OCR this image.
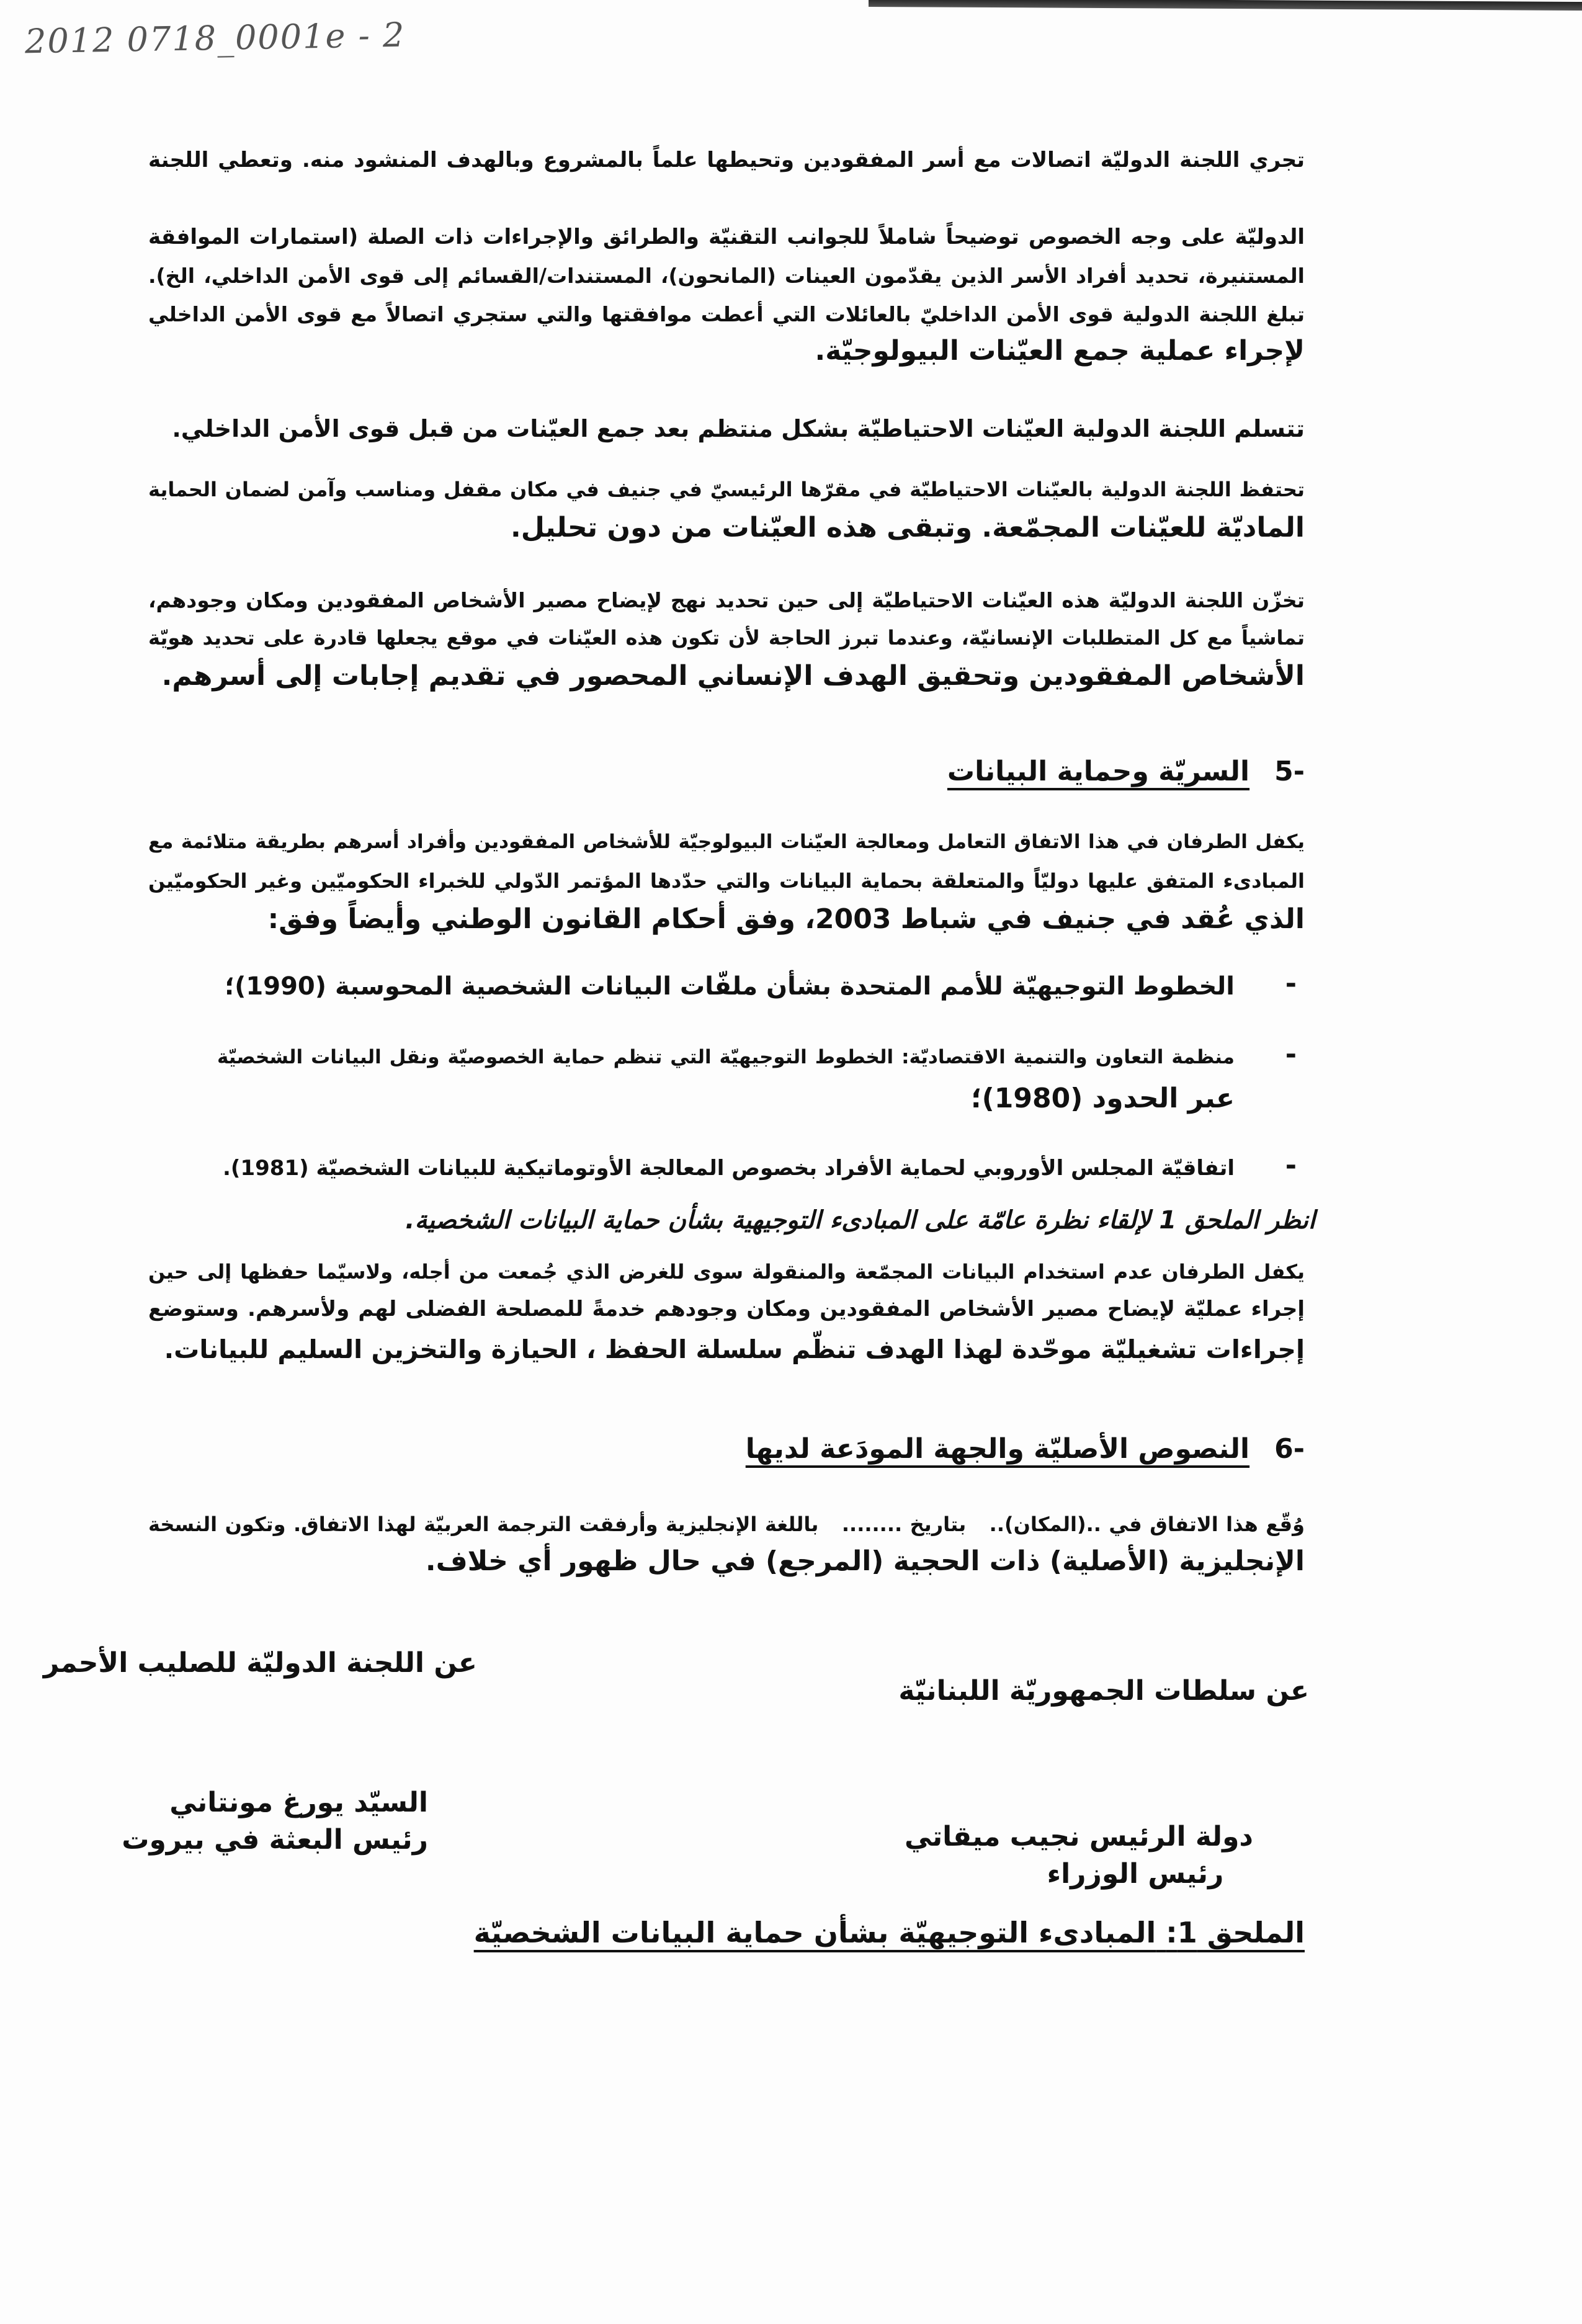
2012 0718_0001e - 2
تجري اللجنة الدوليّة اتصالات مع أسر المفقودين وتحيطها علماً بالمشروع وبالهدف المنشود منه. وتعطي اللجنة
الدوليّة على وجه الخصوص توضيحاً شاملاً للجوانب التقنيّة والطرائق والإجراءات ذات الصلة (استمارات الموافقة
المستنيرة، تحديد أفراد الأسر الذين يقدّمون العينات (المانحون)، المستندات/القسائم إلى قوى الأمن الداخلي، الخ).
تبلغ اللجنة الدولية قوى الأمن الداخليّ بالعائلات التي أعطت موافقتها والتي ستجري اتصالاً مع قوى الأمن الداخلي
لإجراء عملية جمع العيّنات البيولوجيّة.
تتسلم اللجنة الدولية العيّنات الاحتياطيّة بشكل منتظم بعد جمع العيّنات من قبل قوى الأمن الداخلي.
تحتفظ اللجنة الدولية بالعيّنات الاحتياطيّة في مقرّها الرئيسيّ في جنيف في مكان مقفل ومناسب وآمن لضمان الحماية
الماديّة للعيّنات المجمّعة. وتبقى هذه العيّنات من دون تحليل.
تخزّن اللجنة الدوليّة هذه العيّنات الاحتياطيّة إلى حين تحديد نهج لإيضاح مصير الأشخاص المفقودين ومكان وجودهم،
تماشياً مع كل المتطلبات الإنسانيّة، وعندما تبرز الحاجة لأن تكون هذه العيّنات في موقع يجعلها قادرة على تحديد هويّة
الأشخاص المفقودين وتحقيق الهدف الإنساني المحصور في تقديم إجابات إلى أسرهم.
-5السريّة وحماية البيانات
يكفل الطرفان في هذا الاتفاق التعامل ومعالجة العيّنات البيولوجيّة للأشخاص المفقودين وأفراد أسرهم بطريقة متلائمة مع
المبادىء المتفق عليها دوليّاً والمتعلقة بحماية البيانات والتي حدّدها المؤتمر الدّولي للخبراء الحكوميّين وغير الحكوميّين
الذي عُقد في جنيف في شباط 2003، وفق أحكام القانون الوطني وأيضاً وفق:
-
الخطوط التوجيهيّة للأمم المتحدة بشأن ملفّات البيانات الشخصية المحوسبة (1990)؛
-
منظمة التعاون والتنمية الاقتصاديّة: الخطوط التوجيهيّة التي تنظم حماية الخصوصيّة ونقل البيانات الشخصيّة
عبر الحدود (1980)؛
-
اتفاقيّة المجلس الأوروبي لحماية الأفراد بخصوص المعالجة الأوتوماتيكية للبيانات الشخصيّة (1981).
انظر الملحق 1 لإلقاء نظرة عامّة على المبادىء التوجيهية بشأن حماية البيانات الشخصية.
يكفل الطرفان عدم استخدام البيانات المجمّعة والمنقولة سوى للغرض الذي جُمعت من أجله، ولاسيّما حفظها إلى حين
إجراء عمليّة لإيضاح مصير الأشخاص المفقودين ومكان وجودهم خدمةً للمصلحة الفضلى لهم ولأسرهم. وستوضع
إجراءات تشغيليّة موحّدة لهذا الهدف تنظّم سلسلة الحفظ ، الحيازة والتخزين السليم للبيانات.
-6النصوص الأصليّة والجهة المودَعة لديها
وُقّع هذا الاتفاق في ..(المكان)..   بتاريخ ........   باللغة الإنجليزية وأرفقت الترجمة العربيّة لهذا الاتفاق. وتكون النسخة
الإنجليزية (الأصلية) ذات الحجية (المرجع) في حال ظهور أي خلاف.
عن اللجنة الدوليّة للصليب الأحمر
السيّد يورغ مونتاني
رئيس البعثة في بيروت
عن سلطات الجمهوريّة اللبنانيّة
دولة الرئيس نجيب ميقاتي
رئيس الوزراء
الملحق 1: المبادىء التوجيهيّة بشأن حماية البيانات الشخصيّة
